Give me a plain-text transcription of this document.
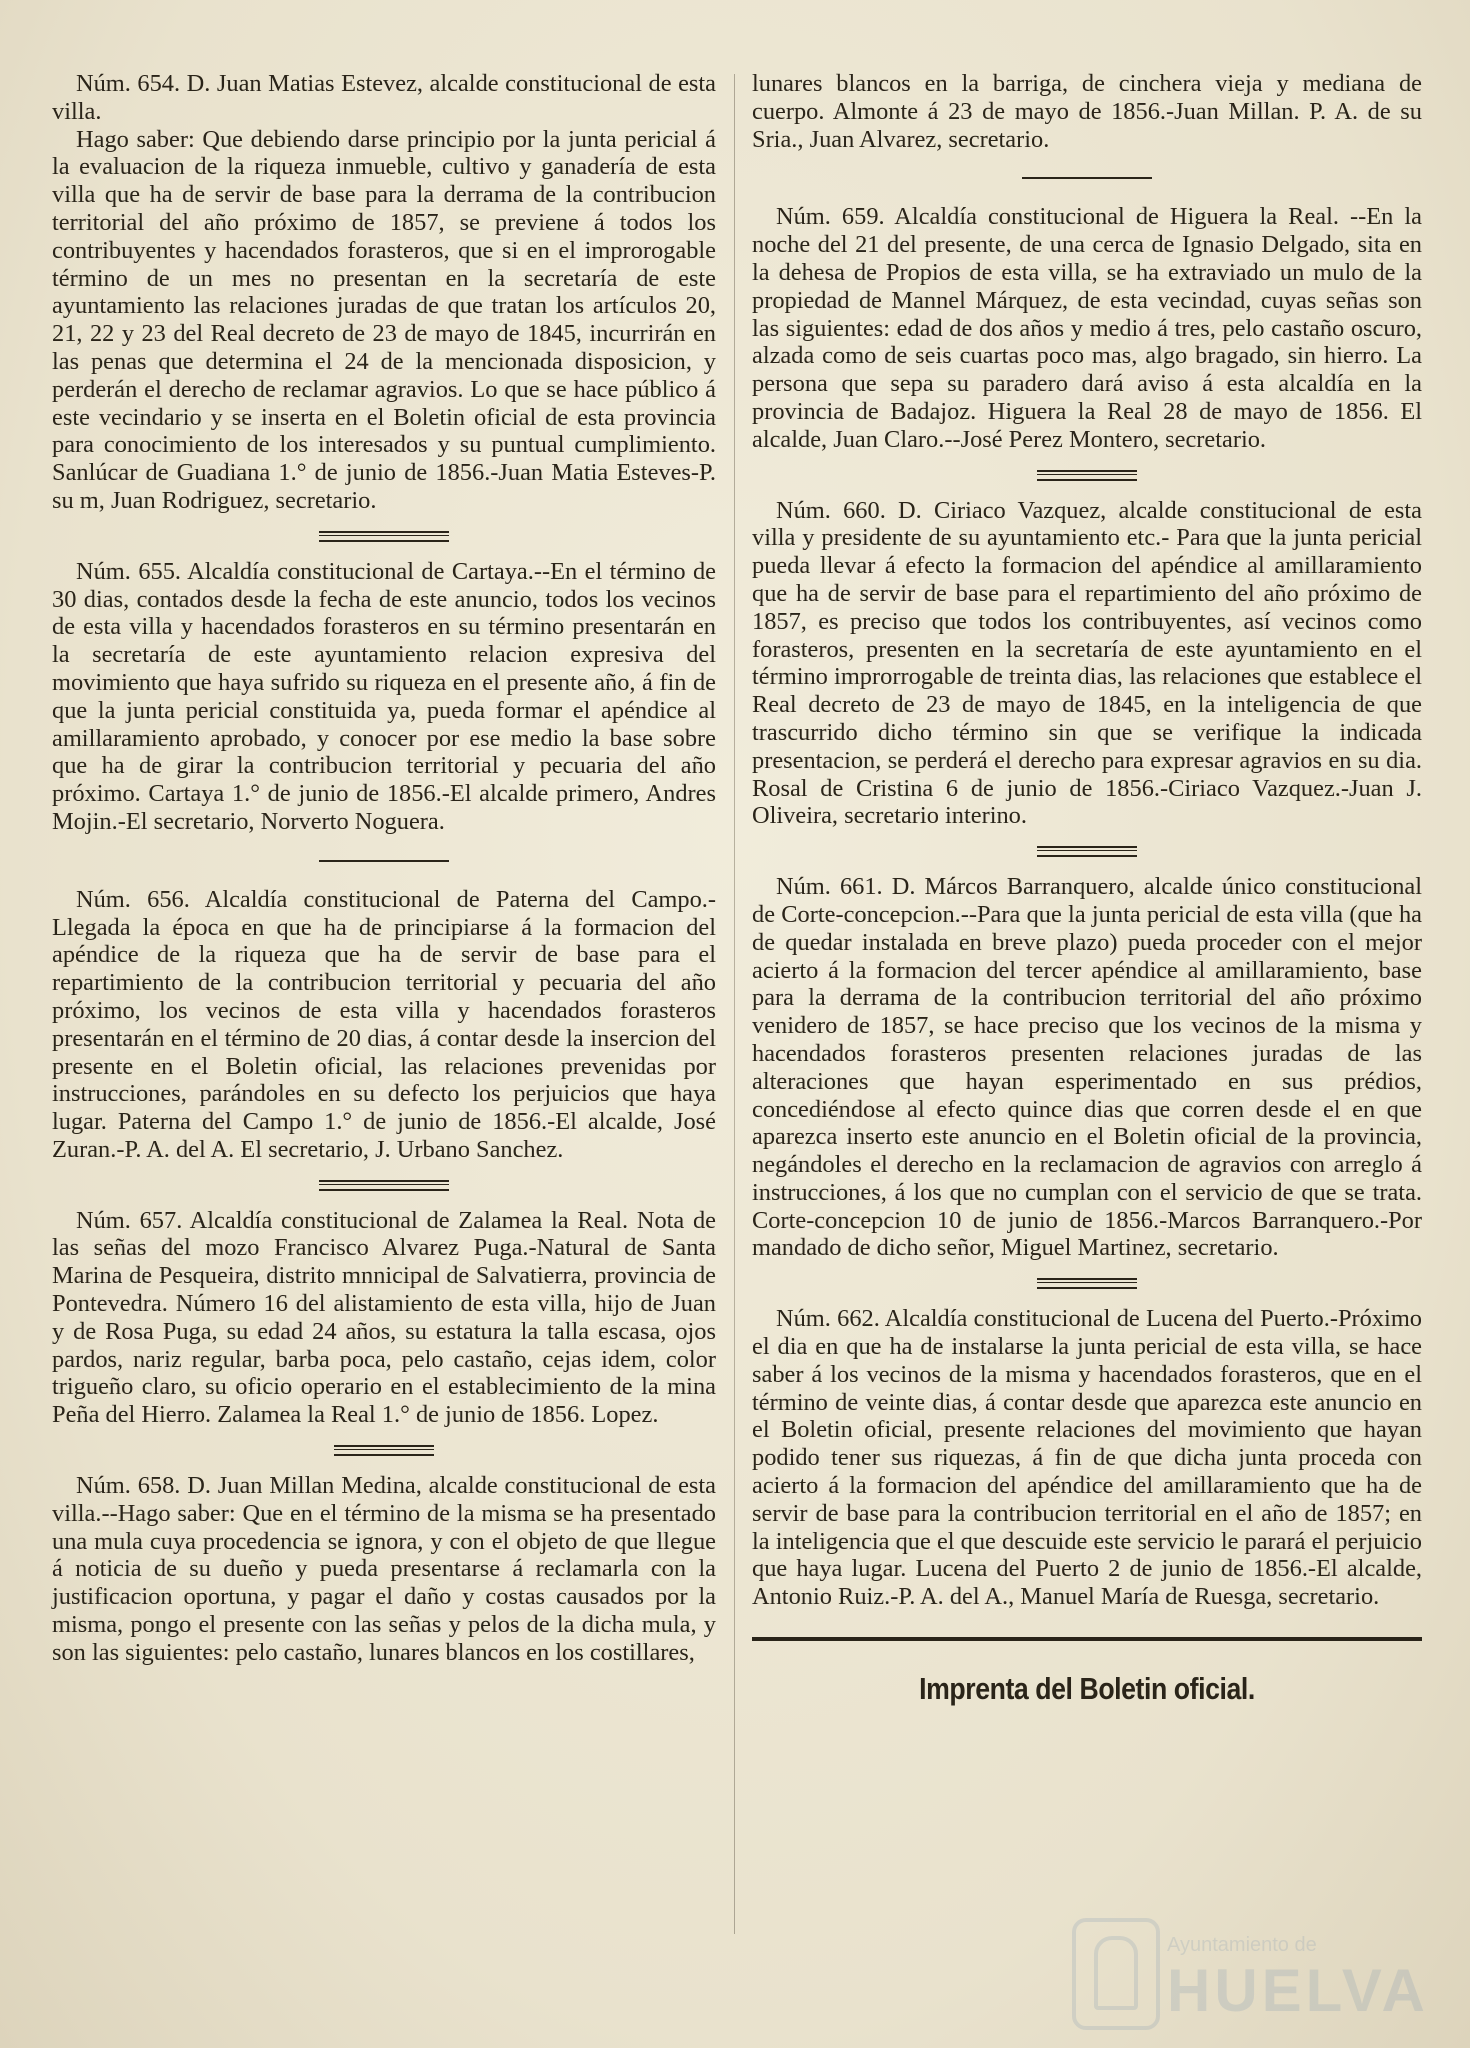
Núm. 654. D. Juan Matias Estevez, alcalde constitucional de esta villa.

Hago saber: Que debiendo darse principio por la junta pericial á la evaluacion de la riqueza inmueble, cultivo y ganadería de esta villa que ha de servir de base para la derrama de la contribucion territorial del año próximo de 1857, se previene á todos los contribuyentes y hacendados forasteros, que si en el improrogable término de un mes no presentan en la secretaría de este ayuntamiento las relaciones juradas de que tratan los artículos 20, 21, 22 y 23 del Real decreto de 23 de mayo de 1845, incurrirán en las penas que determina el 24 de la mencionada disposicion, y perderán el derecho de reclamar agravios. Lo que se hace público á este vecindario y se inserta en el Boletin oficial de esta provincia para conocimiento de los interesados y su puntual cumplimiento. Sanlúcar de Guadiana 1.° de junio de 1856.-Juan Matia Esteves-P. su m, Juan Rodriguez, secretario.

Núm. 655. Alcaldía constitucional de Cartaya.--En el término de 30 dias, contados desde la fecha de este anuncio, todos los vecinos de esta villa y hacendados forasteros en su término presentarán en la secretaría de este ayuntamiento relacion expresiva del movimiento que haya sufrido su riqueza en el presente año, á fin de que la junta pericial constituida ya, pueda formar el apéndice al amillaramiento aprobado, y conocer por ese medio la base sobre que ha de girar la contribucion territorial y pecuaria del año próximo. Cartaya 1.° de junio de 1856.-El alcalde primero, Andres Mojin.-El secretario, Norverto Noguera.

Núm. 656. Alcaldía constitucional de Paterna del Campo.-Llegada la época en que ha de principiarse á la formacion del apéndice de la riqueza que ha de servir de base para el repartimiento de la contribucion territorial y pecuaria del año próximo, los vecinos de esta villa y hacendados forasteros presentarán en el término de 20 dias, á contar desde la insercion del presente en el Boletin oficial, las relaciones prevenidas por instrucciones, parándoles en su defecto los perjuicios que haya lugar. Paterna del Campo 1.° de junio de 1856.-El alcalde, José Zuran.-P. A. del A. El secretario, J. Urbano Sanchez.

Núm. 657. Alcaldía constitucional de Zalamea la Real. Nota de las señas del mozo Francisco Alvarez Puga.-Natural de Santa Marina de Pesqueira, distrito mnnicipal de Salvatierra, provincia de Pontevedra. Número 16 del alistamiento de esta villa, hijo de Juan y de Rosa Puga, su edad 24 años, su estatura la talla escasa, ojos pardos, nariz regular, barba poca, pelo castaño, cejas idem, color trigueño claro, su oficio operario en el establecimiento de la mina Peña del Hierro. Zalamea la Real 1.° de junio de 1856. Lopez.

Núm. 658. D. Juan Millan Medina, alcalde constitucional de esta villa.--Hago saber: Que en el término de la misma se ha presentado una mula cuya procedencia se ignora, y con el objeto de que llegue á noticia de su dueño y pueda presentarse á reclamarla con la justificacion oportuna, y pagar el daño y costas causados por la misma, pongo el presente con las señas y pelos de la dicha mula, y son las siguientes: pelo castaño, lunares blancos en los costillares,

lunares blancos en la barriga, de cinchera vieja y mediana de cuerpo. Almonte á 23 de mayo de 1856.-Juan Millan. P. A. de su Sria., Juan Alvarez, secretario.

Núm. 659. Alcaldía constitucional de Higuera la Real. --En la noche del 21 del presente, de una cerca de Ignasio Delgado, sita en la dehesa de Propios de esta villa, se ha extraviado un mulo de la propiedad de Mannel Márquez, de esta vecindad, cuyas señas son las siguientes: edad de dos años y medio á tres, pelo castaño oscuro, alzada como de seis cuartas poco mas, algo bragado, sin hierro. La persona que sepa su paradero dará aviso á esta alcaldía en la provincia de Badajoz. Higuera la Real 28 de mayo de 1856. El alcalde, Juan Claro.--José Perez Montero, secretario.

Núm. 660. D. Ciriaco Vazquez, alcalde constitucional de esta villa y presidente de su ayuntamiento etc.- Para que la junta pericial pueda llevar á efecto la formacion del apéndice al amillaramiento que ha de servir de base para el repartimiento del año próximo de 1857, es preciso que todos los contribuyentes, así vecinos como forasteros, presenten en la secretaría de este ayuntamiento en el término improrrogable de treinta dias, las relaciones que establece el Real decreto de 23 de mayo de 1845, en la inteligencia de que trascurrido dicho término sin que se verifique la indicada presentacion, se perderá el derecho para expresar agravios en su dia. Rosal de Cristina 6 de junio de 1856.-Ciriaco Vazquez.-Juan J. Oliveira, secretario interino.

Núm. 661. D. Márcos Barranquero, alcalde único constitucional de Corte-concepcion.--Para que la junta pericial de esta villa (que ha de quedar instalada en breve plazo) pueda proceder con el mejor acierto á la formacion del tercer apéndice al amillaramiento, base para la derrama de la contribucion territorial del año próximo venidero de 1857, se hace preciso que los vecinos de la misma y hacendados forasteros presenten relaciones juradas de las alteraciones que hayan esperimentado en sus prédios, concediéndose al efecto quince dias que corren desde el en que aparezca inserto este anuncio en el Boletin oficial de la provincia, negándoles el derecho en la reclamacion de agravios con arreglo á instrucciones, á los que no cumplan con el servicio de que se trata. Corte-concepcion 10 de junio de 1856.-Marcos Barranquero.-Por mandado de dicho señor, Miguel Martinez, secretario.

Núm. 662. Alcaldía constitucional de Lucena del Puerto.-Próximo el dia en que ha de instalarse la junta pericial de esta villa, se hace saber á los vecinos de la misma y hacendados forasteros, que en el término de veinte dias, á contar desde que aparezca este anuncio en el Boletin oficial, presente relaciones del movimiento que hayan podido tener sus riquezas, á fin de que dicha junta proceda con acierto á la formacion del apéndice del amillaramiento que ha de servir de base para la contribucion territorial en el año de 1857; en la inteligencia que el que descuide este servicio le parará el perjuicio que haya lugar. Lucena del Puerto 2 de junio de 1856.-El alcalde, Antonio Ruiz.-P. A. del A., Manuel María de Ruesga, secretario.

Imprenta del Boletin oficial.
Ayuntamiento de
HUELVA
